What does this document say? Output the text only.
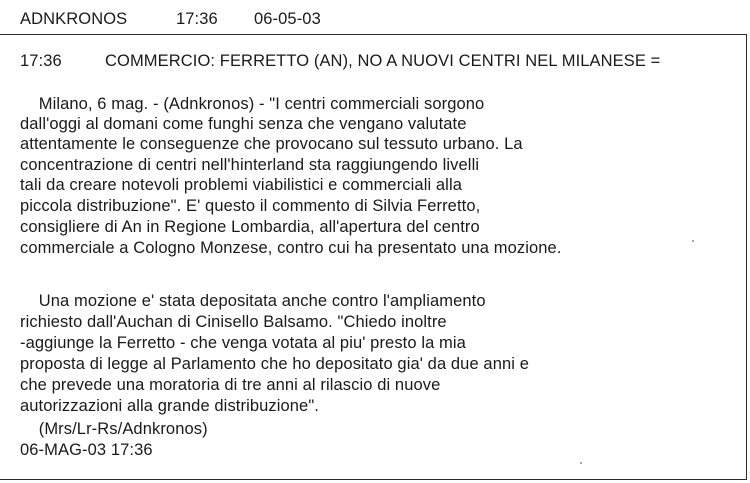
ADNKRONOS	17:36 06-05-03
17:36	COMMERCIO: FERRETTO (AN), NO A NUOVI CENTRI NEL MILANESE =
Milano, 6 mag. - (Adnkronos) - "I centri commerciali sorgono
dall'oggi al domani come funghi senza che vengano valutate
attentamente le conseguenze che provocano sul tessuto urbano. La
concentrazione di centri nell'hinterland sta raggiungendo livelli
tali da creare notevoli problemi viabilistici e commerciali alla
piccola distribuzione". E' questo il commento di Silvia Ferretto,
consigliere di An in Regione Lombardia, all'apertura del centro
commerciale a Cologno Monzese, contro cui ha presentato una mozione.
Una mozione e' stata depositata anche contro l'ampliamento
richiesto dall'Auchan di Cinisello Balsamo. "Chiedo inoltre
-aggiunge la Ferretto - che venga votata al piu' presto la mia
proposta di legge al Parlamento che ho depositato gia' da due anni e
che prevede una moratoria di tre anni al rilascio di nuove
autorizzazioni alla grande distribuzione".
(Mrs/Lr-Rs/Adnkronos)
06-MAG-03 17:36
